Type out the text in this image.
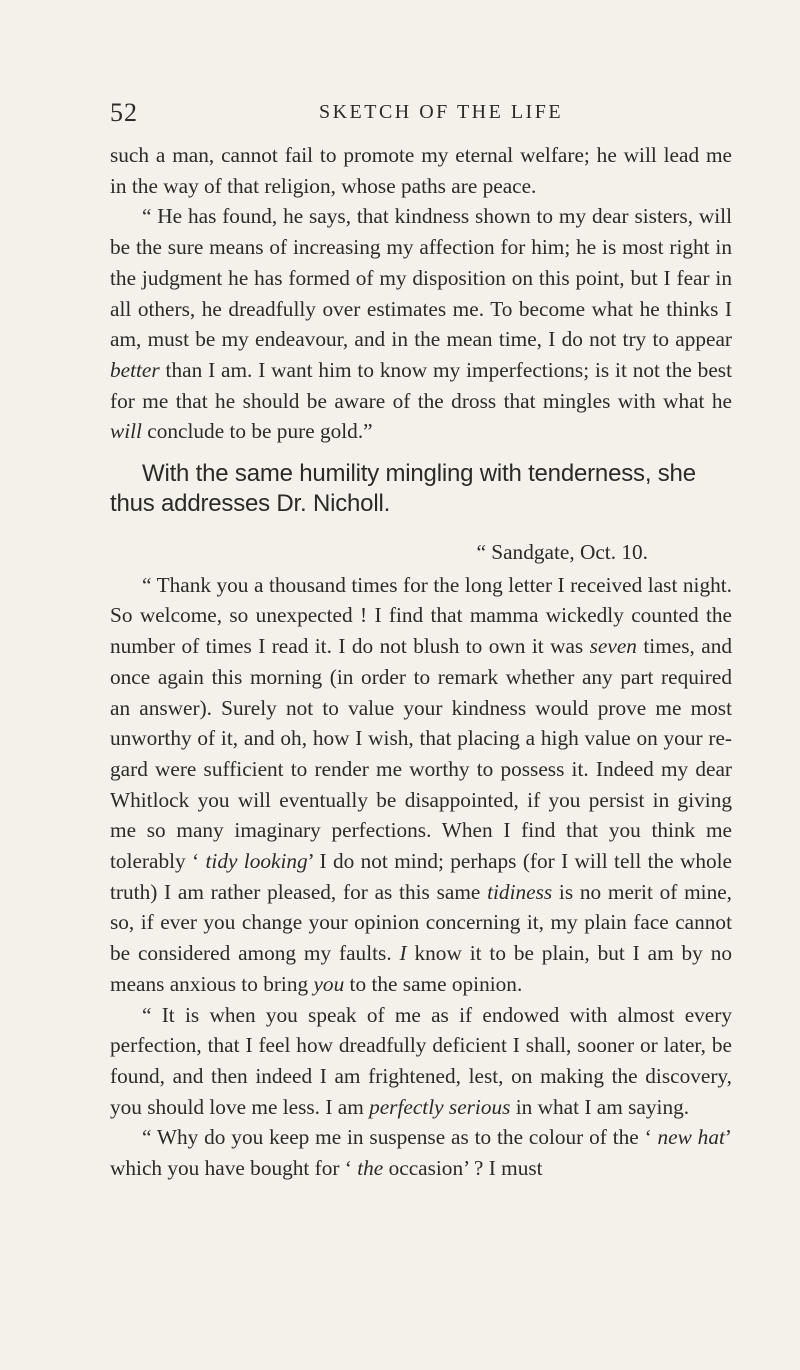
52	SKETCH OF THE LIFE

such a man, cannot fail to promote my eternal welfare; he will lead me in the way of that religion, whose paths are peace.

“ He has found, he says, that kindness shown to my dear sisters, will be the sure means of increasing my affection for him; he is most right in the judgment he has formed of my disposition on this point, but I fear in all others, he dreadfully over estimates me. To become what he thinks I am, must be my endeavour, and in the mean time, I do not try to appear better than I am. I want him to know my imperfections; is it not the best for me that he should be aware of the dross that mingles with what he will conclude to be pure gold.”

With the same humility mingling with tenderness, she thus addresses Dr. Nicholl.

“ Sandgate, Oct. 10.

“ Thank you a thousand times for the long letter I received last night. So welcome, so unexpected ! I find that mamma wickedly counted the number of times I read it. I do not blush to own it was seven times, and once again this morning (in order to remark whether any part required an answer). Surely not to value your kindness would prove me most unworthy of it, and oh, how I wish, that placing a high value on your re-gard were sufficient to render me worthy to possess it. Indeed my dear Whitlock you will eventually be disappointed, if you persist in giving me so many imaginary perfections. When I find that you think me tolerably ‘ tidy looking’ I do not mind; perhaps (for I will tell the whole truth) I am rather pleased, for as this same tidiness is no merit of mine, so, if ever you change your opinion concerning it, my plain face cannot be considered among my faults. I know it to be plain, but I am by no means anxious to bring you to the same opinion.

“ It is when you speak of me as if endowed with almost every perfection, that I feel how dreadfully deficient I shall, sooner or later, be found, and then indeed I am frightened, lest, on making the discovery, you should love me less. I am perfectly serious in what I am saying.

“ Why do you keep me in suspense as to the colour of the ‘ new hat’ which you have bought for ‘ the occasion’ ? I must
